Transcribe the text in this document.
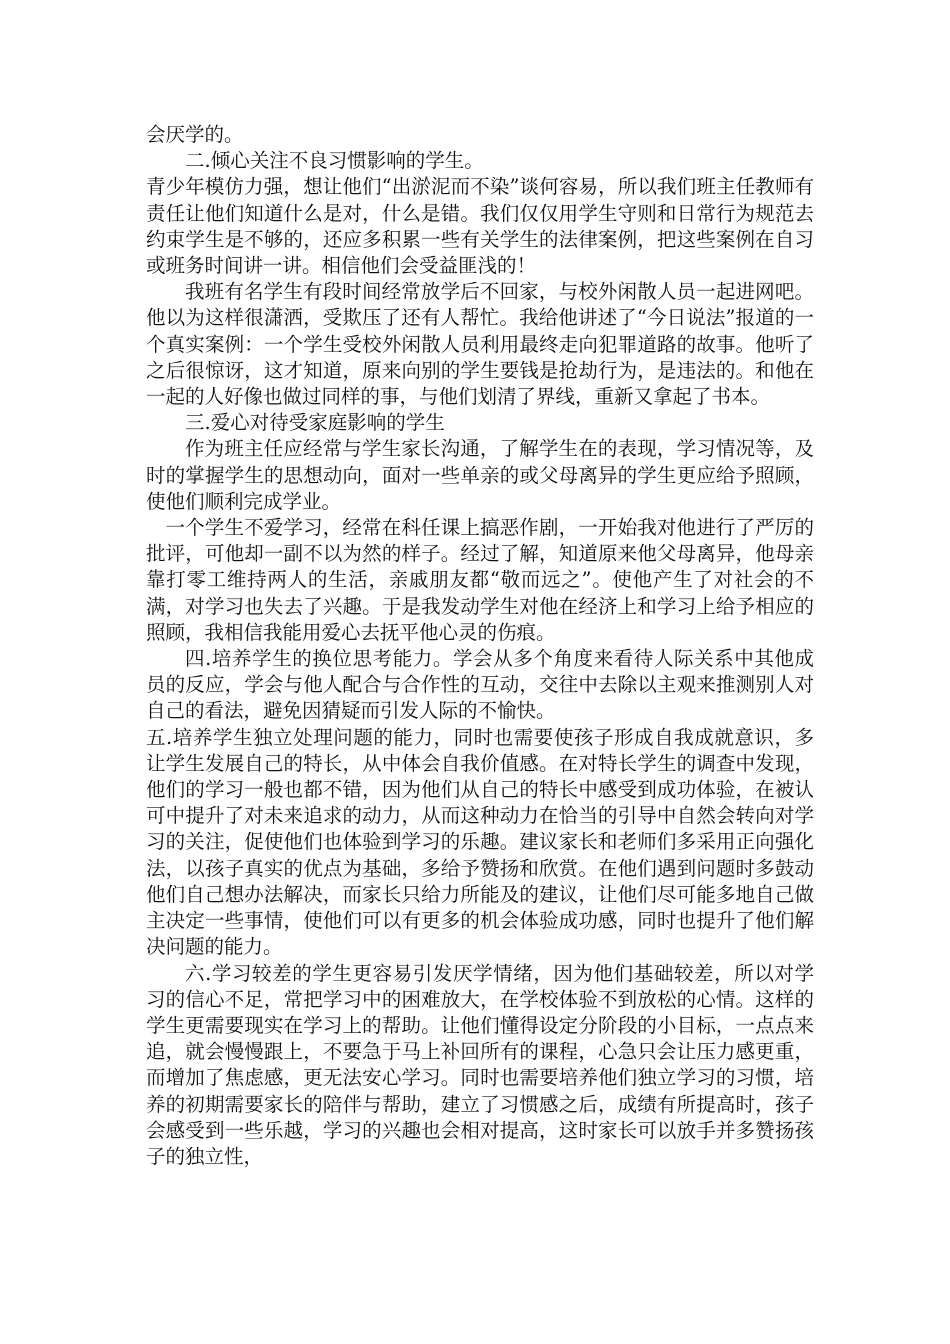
会厌学的。

二.倾心关注不良习惯影响的学生。

青少年模仿力强，想让他们“出淤泥而不染”谈何容易，所以我们班主任教师有责任让他们知道什么是对，什么是错。我们仅仅用学生守则和日常行为规范去约束学生是不够的，还应多积累一些有关学生的法律案例，把这些案例在自习或班务时间讲一讲。相信他们会受益匪浅的！

我班有名学生有段时间经常放学后不回家，与校外闲散人员一起进网吧。他以为这样很潇洒，受欺压了还有人帮忙。我给他讲述了“今日说法”报道的一个真实案例：一个学生受校外闲散人员利用最终走向犯罪道路的故事。他听了之后很惊讶，这才知道，原来向别的学生要钱是抢劫行为，是违法的。和他在一起的人好像也做过同样的事，与他们划清了界线，重新又拿起了书本。

三.爱心对待受家庭影响的学生

作为班主任应经常与学生家长沟通，了解学生在的表现，学习情况等，及时的掌握学生的思想动向，面对一些单亲的或父母离异的学生更应给予照顾，使他们顺利完成学业。

一个学生不爱学习，经常在科任课上搞恶作剧，一开始我对他进行了严厉的批评，可他却一副不以为然的样子。经过了解，知道原来他父母离异，他母亲靠打零工维持两人的生活，亲戚朋友都“敬而远之”。使他产生了对社会的不满，对学习也失去了兴趣。于是我发动学生对他在经济上和学习上给予相应的照顾，我相信我能用爱心去抚平他心灵的伤痕。

四.培养学生的换位思考能力。学会从多个角度来看待人际关系中其他成员的反应，学会与他人配合与合作性的互动，交往中去除以主观来推测别人对自己的看法，避免因猜疑而引发人际的不愉快。

五.培养学生独立处理问题的能力，同时也需要使孩子形成自我成就意识，多让学生发展自己的特长，从中体会自我价值感。在对特长学生的调查中发现，他们的学习一般也都不错，因为他们从自己的特长中感受到成功体验，在被认可中提升了对未来追求的动力，从而这种动力在恰当的引导中自然会转向对学习的关注，促使他们也体验到学习的乐趣。建议家长和老师们多采用正向强化法，以孩子真实的优点为基础，多给予赞扬和欣赏。在他们遇到问题时多鼓动他们自己想办法解决，而家长只给力所能及的建议，让他们尽可能多地自己做主决定一些事情，使他们可以有更多的机会体验成功感，同时也提升了他们解决问题的能力。

六.学习较差的学生更容易引发厌学情绪，因为他们基础较差，所以对学习的信心不足，常把学习中的困难放大，在学校体验不到放松的心情。这样的学生更需要现实在学习上的帮助。让他们懂得设定分阶段的小目标，一点点来追，就会慢慢跟上，不要急于马上补回所有的课程，心急只会让压力感更重，而增加了焦虑感，更无法安心学习。同时也需要培养他们独立学习的习惯，培养的初期需要家长的陪伴与帮助，建立了习惯感之后，成绩有所提高时，孩子会感受到一些乐越，学习的兴趣也会相对提高，这时家长可以放手并多赞扬孩子的独立性，
